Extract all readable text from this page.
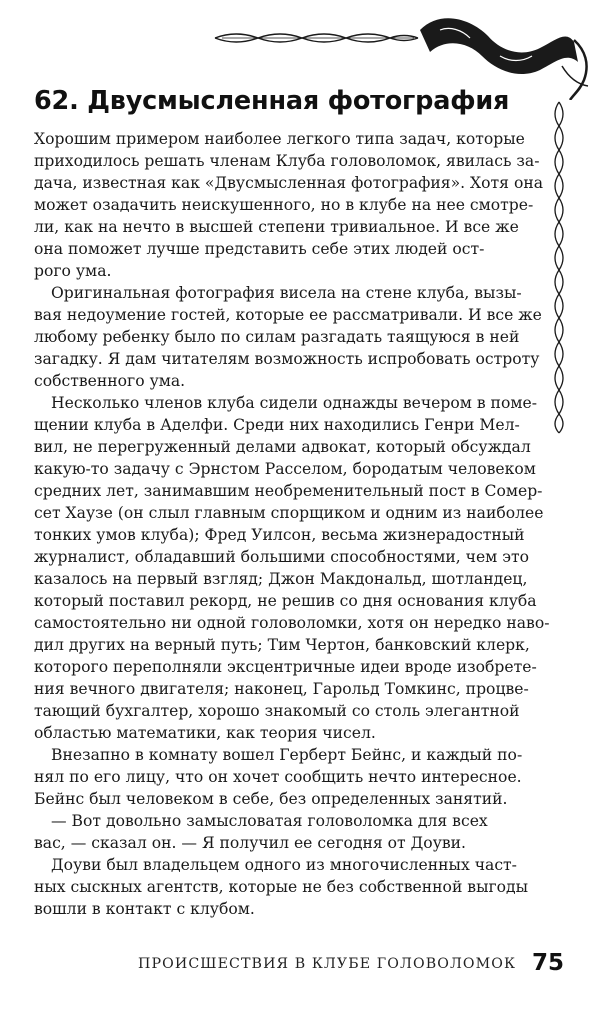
62. Двусмысленная фотография

Хорошим примером наиболее легкого типа задач, которые
приходилось решать членам Клуба головоломок, явилась за-
дача, известная как «Двусмысленная фотография». Хотя она
может озадачить неискушенного, но в клубе на нее смотре-
ли, как на нечто в высшей степени тривиальное. И все же
она поможет лучше представить себе этих людей ост-
рого ума.

Оригинальная фотография висела на стене клуба, вызы-
вая недоумение гостей, которые ее рассматривали. И все же
любому ребенку было по силам разгадать таящуюся в ней
загадку. Я дам читателям возможность испробовать остроту
собственного ума.

Несколько членов клуба сидели однажды вечером в поме-
щении клуба в Аделфи. Среди них находились Генри Мел-
вил, не перегруженный делами адвокат, который обсуждал
какую-то задачу с Эрнстом Расселом, бородатым человеком
средних лет, занимавшим необременительный пост в Сомер-
сет Хаузе (он слыл главным спорщиком и одним из наиболее
тонких умов клуба); Фред Уилсон, весьма жизнерадостный
журналист, обладавший большими способностями, чем это
казалось на первый взгляд; Джон Макдональд, шотландец,
который поставил рекорд, не решив со дня основания клуба
самостоятельно ни одной головоломки, хотя он нередко наво-
дил других на верный путь; Тим Чертон, банковский клерк,
которого переполняли эксцентричные идеи вроде изобрете-
ния вечного двигателя; наконец, Гарольд Томкинс, процве-
тающий бухгалтер, хорошо знакомый со столь элегантной
областью математики, как теория чисел.

Внезапно в комнату вошел Герберт Бейнс, и каждый по-
нял по его лицу, что он хочет сообщить нечто интересное.
Бейнс был человеком в себе, без определенных занятий.

— Вот довольно замысловатая головоломка для всех
вас, — сказал он. — Я получил ее сегодня от Доуви.

Доуви был владельцем одного из многочисленных част-
ных сыскных агентств, которые не без собственной выгоды
вошли в контакт с клубом.

ПРОИСШЕСТВИЯ В КЛУБЕ ГОЛОВОЛОМОК 75
